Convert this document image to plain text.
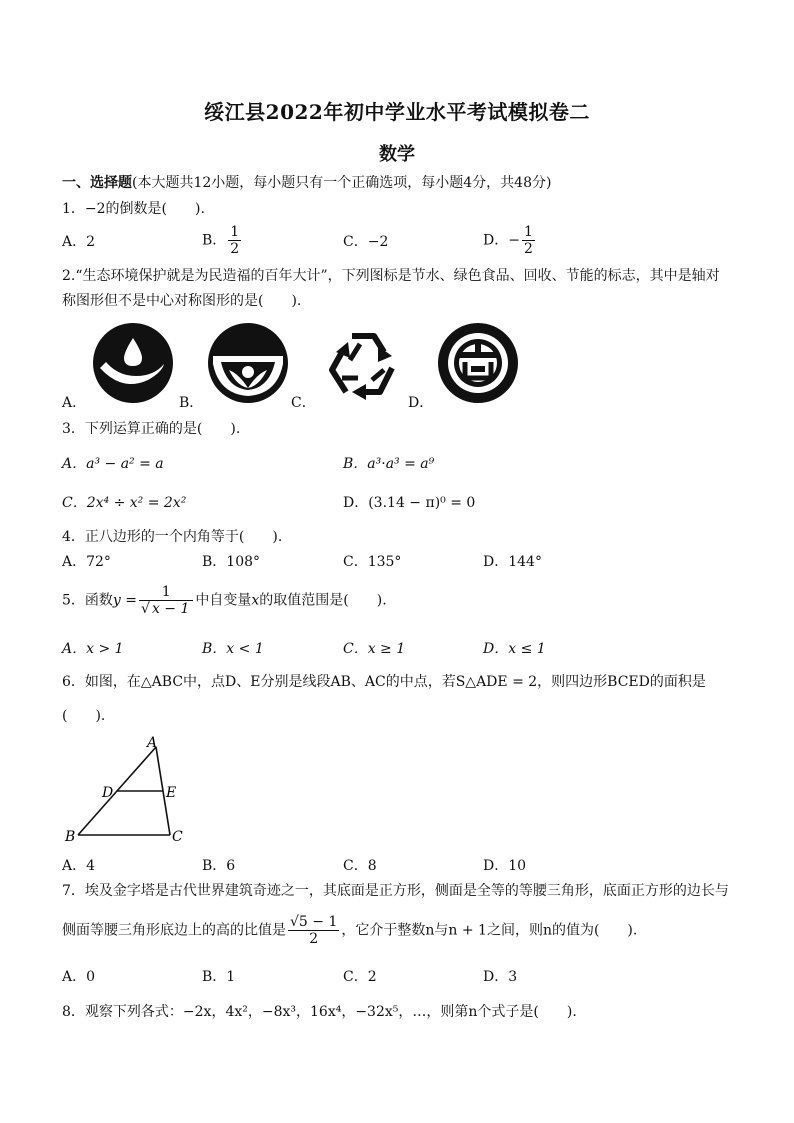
绥江县2022年初中学业水平考试模拟卷二
数学
一、选择题(本大题共12小题，每小题只有一个正确选项，每小题4分，共48分)
1．−2的倒数是(　　).
A．2	B． $\frac{1}{2}$	C．−2	D．− $\frac{1}{2}$
2.“生态环境保护就是为民造福的百年大计”，下列图标是节水、绿色食品、回收、节能的标志，其中是轴对
称图形但不是中心对称图形的是(　　).
A．	B．	C．	D．
3．下列运算正确的是(　　).
A．a³ − a² = a	B．a³·a³ = a⁹
C．2x⁴ ÷ x² = 2x²	D．(3.14 − π)⁰ = 0
4．正八边形的一个内角等于(　　).
A．72°	B．108°	C．135°	D．144°
5．函数$y = \frac{1}{√ x - 1}$ 中自变量x的取值范围是(　　).
A．x > 1	B．x < 1	C．x ≥ 1	D．x ≤ 1
6．如图，在△ABC中，点D、E分别是线段AB、AC的中点，若S△ADE = 2，则四边形BCED的面积是
(　　).
A
D	E
B	C
A．4	B．6	C．8	D．10
7．埃及金字塔是古代世界建筑奇迹之一，其底面是正方形，侧面是全等的等腰三角形，底面正方形的边长与
侧面等腰三角形底边上的高的比值是 $\frac{√5 - 1}{2}$ ，它介于整数n与n + 1之间，则n的值为(　　).
A．0	B．1	C．2	D．3
8．观察下列各式：−2x，4x²，−8x³，16x⁴，−32x⁵，…，则第n个式子是(　　).
